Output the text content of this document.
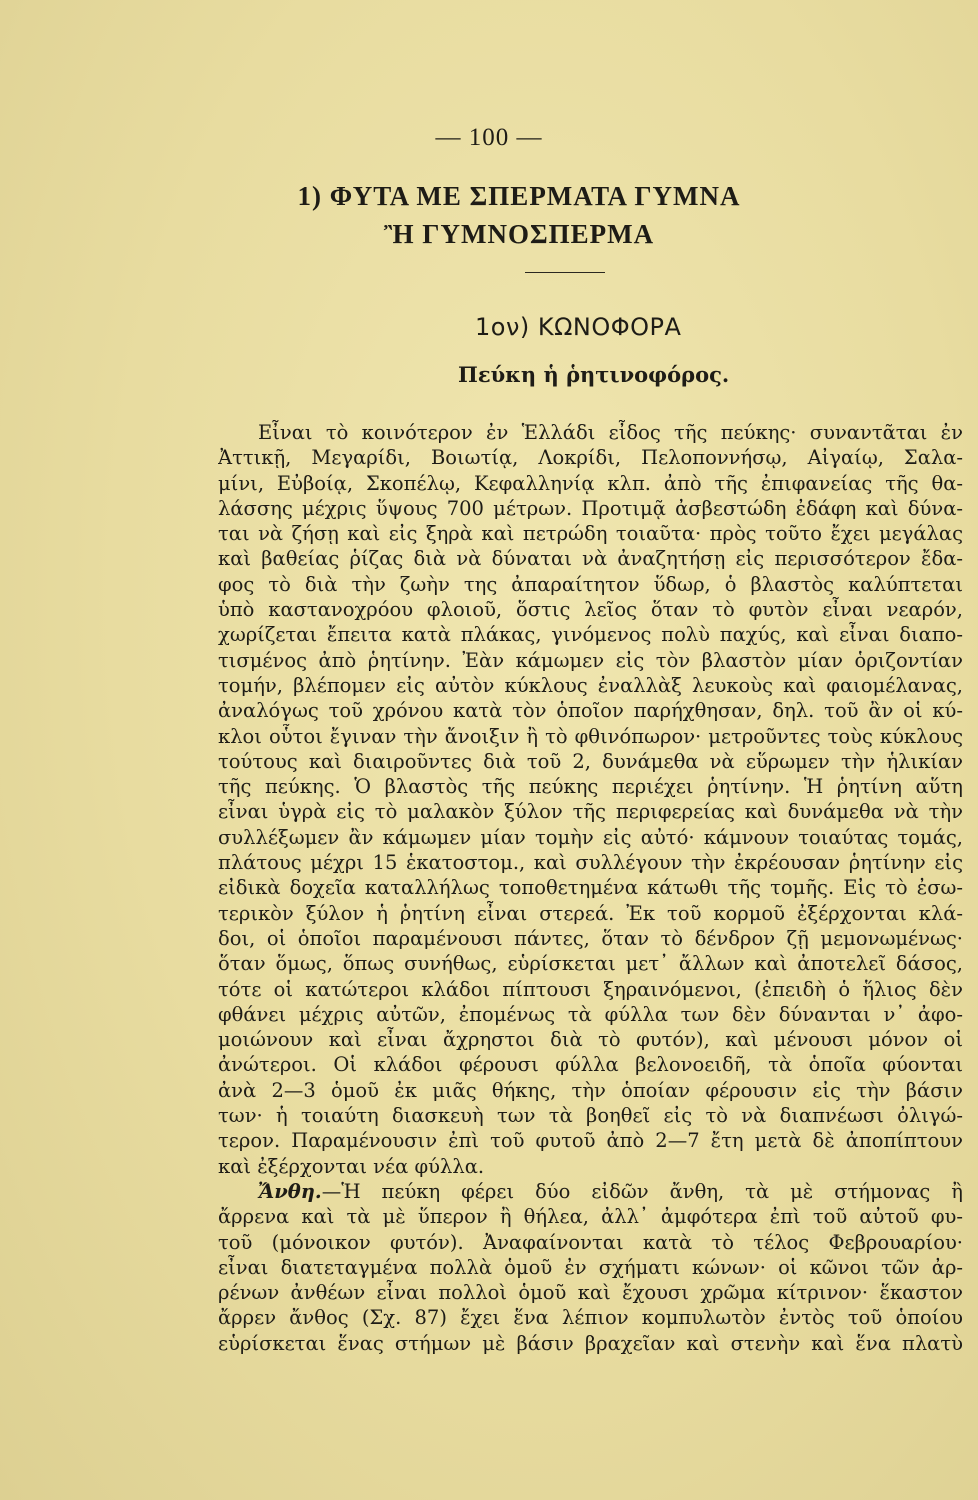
— 100 —
1) ΦΥΤΑ ΜΕ ΣΠΕΡΜΑΤΑ ΓΥΜΝΑ
Ἢ ΓΥΜΝΟΣΠΕΡΜΑ
1ον) ΚΩΝΟΦΟΡΑ
Πεύκη ἡ ῥητινοφόρος.
Εἶναι τὸ κοινότερον ἐν Ἑλλάδι εἶδος τῆς πεύκης· συναντᾶται ἐν
Ἀττικῇ, Μεγαρίδι, Βοιωτίᾳ, Λοκρίδι, Πελοποννήσῳ, Αἰγαίῳ, Σαλα-
μίνι, Εὐβοίᾳ, Σκοπέλῳ, Κεφαλληνίᾳ κλπ. ἀπὸ τῆς ἐπιφανείας τῆς θα-
λάσσης μέχρις ὕψους 700 μέτρων. Προτιμᾷ ἀσβεστώδη ἐδάφη καὶ δύνα-
ται νὰ ζήσῃ καὶ εἰς ξηρὰ καὶ πετρώδη τοιαῦτα· πρὸς τοῦτο ἔχει μεγάλας
καὶ βαθείας ῥίζας διὰ νὰ δύναται νὰ ἀναζητήσῃ εἰς περισσότερον ἔδα-
φος τὸ διὰ τὴν ζωὴν της ἀπαραίτητον ὕδωρ, ὁ βλαστὸς καλύπτεται
ὑπὸ καστανοχρόου φλοιοῦ, ὅστις λεῖος ὅταν τὸ φυτὸν εἶναι νεαρόν,
χωρίζεται ἔπειτα κατὰ πλάκας, γινόμενος πολὺ παχύς, καὶ εἶναι διαπο-
τισμένος ἀπὸ ῥητίνην. Ἐὰν κάμωμεν εἰς τὸν βλαστὸν μίαν ὁριζοντίαν
τομήν, βλέπομεν εἰς αὐτὸν κύκλους ἐναλλὰξ λευκοὺς καὶ φαιομέλανας,
ἀναλόγως τοῦ χρόνου κατὰ τὸν ὁποῖον παρήχθησαν, δηλ. τοῦ ἂν οἱ κύ-
κλοι οὗτοι ἔγιναν τὴν ἄνοιξιν ἢ τὸ φθινόπωρον· μετροῦντες τοὺς κύκλους
τούτους καὶ διαιροῦντες διὰ τοῦ 2, δυνάμεθα νὰ εὕρωμεν τὴν ἡλικίαν
τῆς πεύκης. Ὁ βλαστὸς τῆς πεύκης περιέχει ῥητίνην. Ἡ ῥητίνη αὕτη
εἶναι ὑγρὰ εἰς τὸ μαλακὸν ξύλον τῆς περιφερείας καὶ δυνάμεθα νὰ τὴν
συλλέξωμεν ἂν κάμωμεν μίαν τομὴν εἰς αὐτό· κάμνουν τοιαύτας τομάς,
πλάτους μέχρι 15 ἑκατοστομ., καὶ συλλέγουν τὴν ἐκρέουσαν ῥητίνην εἰς
εἰδικὰ δοχεῖα καταλλήλως τοποθετημένα κάτωθι τῆς τομῆς. Εἰς τὸ ἐσω-
τερικὸν ξύλον ἡ ῥητίνη εἶναι στερεά. Ἐκ τοῦ κορμοῦ ἐξέρχονται κλά-
δοι, οἱ ὁποῖοι παραμένουσι πάντες, ὅταν τὸ δένδρον ζῇ μεμονωμένως·
ὅταν ὅμως, ὅπως συνήθως, εὑρίσκεται μετ᾽ ἄλλων καὶ ἀποτελεῖ δάσος,
τότε οἱ κατώτεροι κλάδοι πίπτουσι ξηραινόμενοι, (ἐπειδὴ ὁ ἥλιος δὲν
φθάνει μέχρις αὐτῶν, ἐπομένως τὰ φύλλα των δὲν δύνανται ν᾽ ἀφο-
μοιώνουν καὶ εἶναι ἄχρηστοι διὰ τὸ φυτόν), καὶ μένουσι μόνον οἱ
ἀνώτεροι. Οἱ κλάδοι φέρουσι φύλλα βελονοειδῆ, τὰ ὁποῖα φύονται
ἀνὰ 2—3 ὁμοῦ ἐκ μιᾶς θήκης, τὴν ὁποίαν φέρουσιν εἰς τὴν βάσιν
των· ἡ τοιαύτη διασκευὴ των τὰ βοηθεῖ εἰς τὸ νὰ διαπνέωσι ὀλιγώ-
τερον. Παραμένουσιν ἐπὶ τοῦ φυτοῦ ἀπὸ 2—7 ἔτη μετὰ δὲ ἀποπίπτουν
καὶ ἐξέρχονται νέα φύλλα.
Ἄνθη.—Ἡ πεύκη φέρει δύο εἰδῶν ἄνθη, τὰ μὲ στήμονας ἢ
ἄρρενα καὶ τὰ μὲ ὕπερον ἢ θήλεα, ἀλλ᾽ ἀμφότερα ἐπὶ τοῦ αὐτοῦ φυ-
τοῦ (μόνοικον φυτόν). Ἀναφαίνονται κατὰ τὸ τέλος Φεβρουαρίου·
εἶναι διατεταγμένα πολλὰ ὁμοῦ ἐν σχήματι κώνων· οἱ κῶνοι τῶν ἀρ-
ρένων ἀνθέων εἶναι πολλοὶ ὁμοῦ καὶ ἔχουσι χρῶμα κίτρινον· ἕκαστον
ἄρρεν ἄνθος (Σχ. 87) ἔχει ἕνα λέπιον κομπυλωτὸν ἐντὸς τοῦ ὁποίου
εὑρίσκεται ἕνας στήμων μὲ βάσιν βραχεῖαν καὶ στενὴν καὶ ἕνα πλατὺ
